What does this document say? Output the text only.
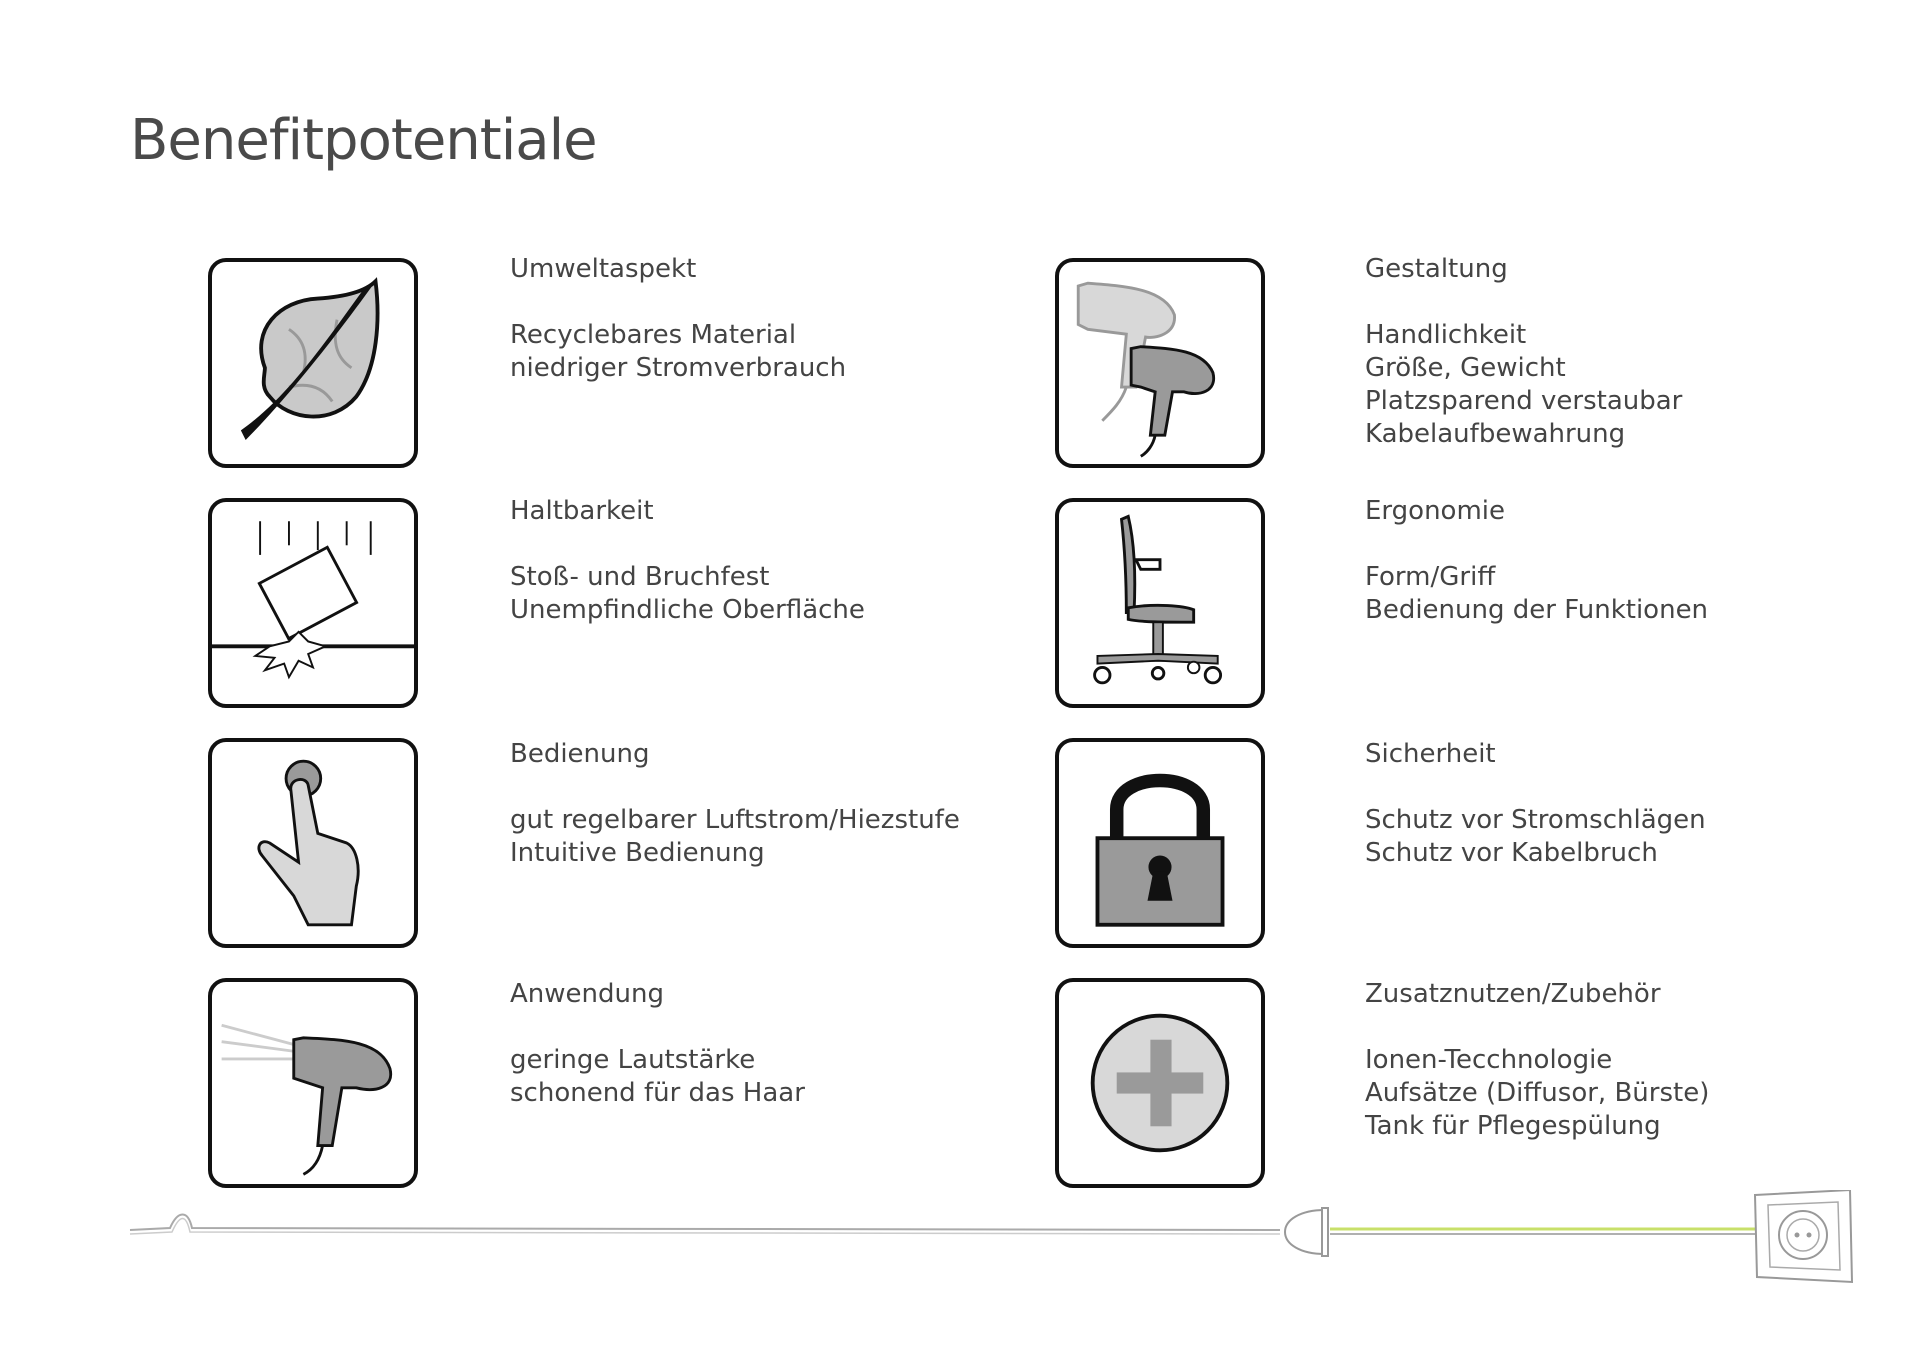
Benefitpotentiale
Umweltaspekt
Recyclebares Material
niedriger Stromverbrauch
Haltbarkeit
Stoß- und Bruchfest
Unempfindliche Oberfläche
Bedienung
gut regelbarer Luftstrom/Hiezstufe
Intuitive Bedienung
Anwendung
geringe Lautstärke
schonend für das Haar
Gestaltung
Handlichkeit
Größe, Gewicht
Platzsparend verstaubar
Kabelaufbewahrung
Ergonomie
Form/Griff
Bedienung der Funktionen
Sicherheit
Schutz vor Stromschlägen
Schutz vor Kabelbruch
Zusatznutzen/Zubehör
Ionen-Tecchnologie
Aufsätze (Diffusor, Bürste)
Tank für Pflegespülung
